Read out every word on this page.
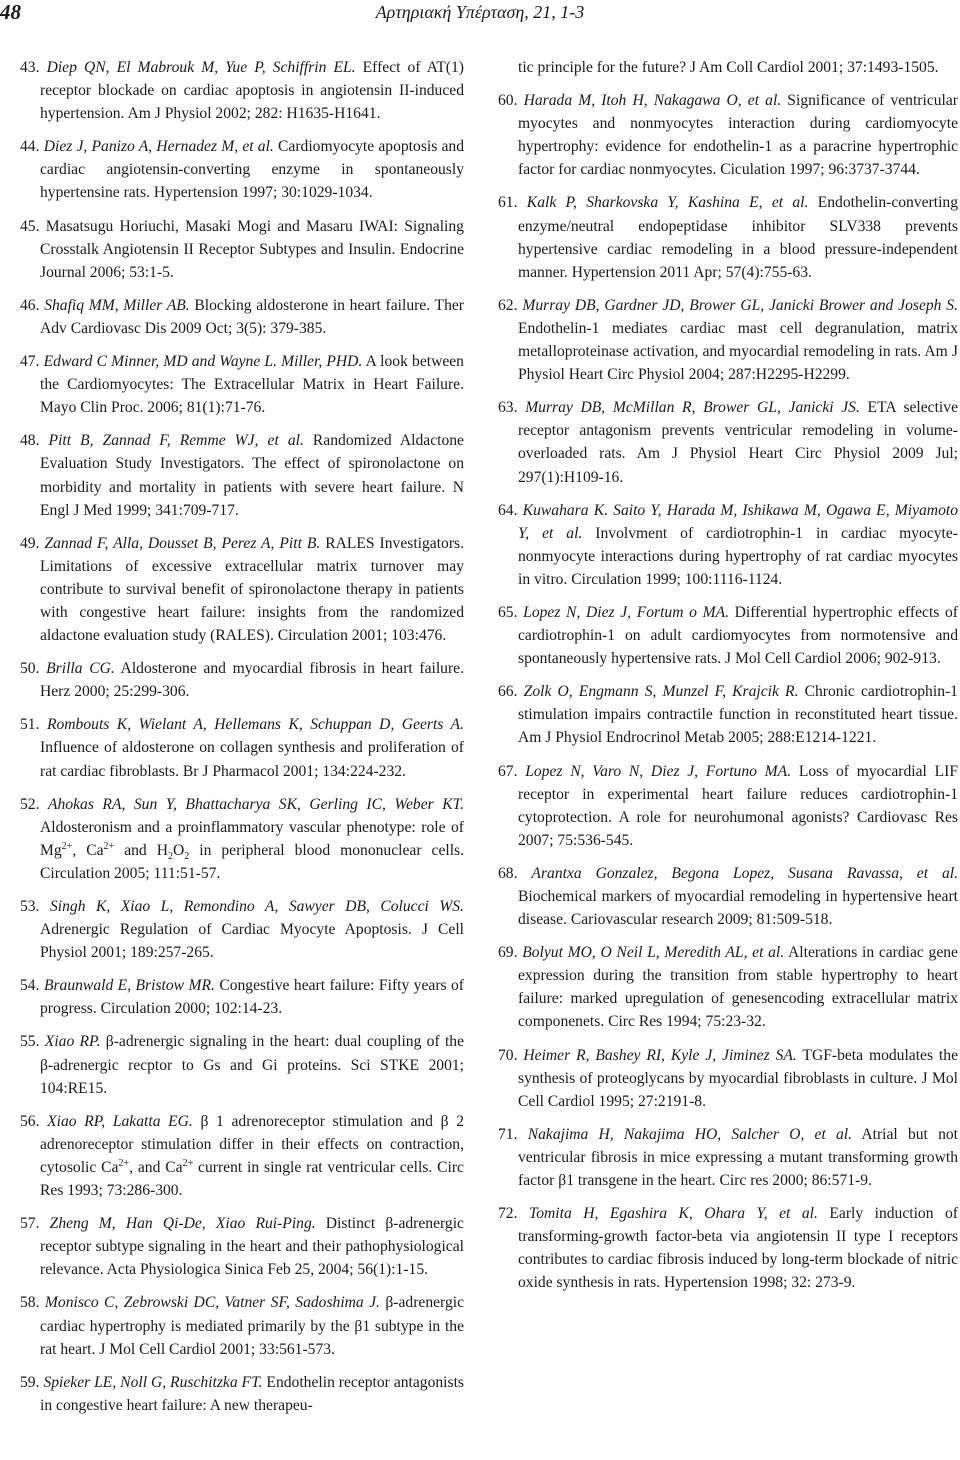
48	Αρτηριακή Υπέρταση, 21, 1-3

43. Diep QN, El Mabrouk M, Yue P, Schiffrin EL. Effect of AT(1) receptor blockade on cardiac apoptosis in angiotensin II-induced hypertension. Am J Physiol 2002; 282: H1635-H1641.

44. Diez J, Panizo A, Hernadez M, et al. Cardiomyocyte apoptosis and cardiac angiotensin-converting enzyme in spontaneously hypertensine rats. Hypertension 1997; 30:1029-1034.

45. Masatsugu Horiuchi, Masaki Mogi and Masaru IWAI: Signaling Crosstalk Angiotensin II Receptor Subtypes and Insulin. Endocrine Journal 2006; 53:1-5.

46. Shafiq MM, Miller AB. Blocking aldosterone in heart failure. Ther Adv Cardiovasc Dis 2009 Oct; 3(5): 379-385.

47. Edward C Minner, MD and Wayne L. Miller, PHD. A look between the Cardiomyocytes: The Extracellular Matrix in Heart Failure. Mayo Clin Proc. 2006; 81(1):71-76.

48. Pitt B, Zannad F, Remme WJ, et al. Randomized Aldactone Evaluation Study Investigators. The effect of spironolactone on morbidity and mortality in patients with severe heart failure. N Engl J Med 1999; 341:709-717.

49. Zannad F, Alla, Dousset B, Perez A, Pitt B. RALES Investigators. Limitations of excessive extracellular matrix turnover may contribute to survival benefit of spironolactone therapy in patients with congestive heart failure: insights from the randomized aldactone evaluation study (RALES). Circulation 2001; 103:476.

50. Brilla CG. Aldosterone and myocardial fibrosis in heart failure. Herz 2000; 25:299-306.

51. Rombouts K, Wielant A, Hellemans K, Schuppan D, Geerts A. Influence of aldosterone on collagen synthesis and proliferation of rat cardiac fibroblasts. Br J Pharmacol 2001; 134:224-232.

52. Ahokas RA, Sun Y, Bhattacharya SK, Gerling IC, Weber KT. Aldosteronism and a proinflammatory vascular phenotype: role of $Mg^{2+}$, $Ca^{2+}$ and $H_2O_2$ in peripheral blood mononuclear cells. Circulation 2005; 111:51-57.

53. Singh K, Xiao L, Remondino A, Sawyer DB, Colucci WS. Adrenergic Regulation of Cardiac Myocyte Apoptosis. J Cell Physiol 2001; 189:257-265.

54. Braunwald E, Bristow MR. Congestive heart failure: Fifty years of progress. Circulation 2000; 102:14-23.

55. Xiao RP. β-adrenergic signaling in the heart: dual coupling of the β-adrenergic recptor to Gs and Gi proteins. Sci STKE 2001; 104:RE15.

56. Xiao RP, Lakatta EG. β 1 adrenoreceptor stimulation and β 2 adrenoreceptor stimulation differ in their effects on contraction, cytosolic $Ca^{2+}$, and $Ca^{2+}$ current in single rat ventricular cells. Circ Res 1993; 73:286-300.

57. Zheng M, Han Qi-De, Xiao Rui-Ping. Distinct β-adrenergic receptor subtype signaling in the heart and their pathophysiological relevance. Acta Physiologica Sinica Feb 25, 2004; 56(1):1-15.

58. Monisco C, Zebrowski DC, Vatner SF, Sadoshima J. β-adrenergic cardiac hypertrophy is mediated primarily by the β1 subtype in the rat heart. J Mol Cell Cardiol 2001; 33:561-573.

59. Spieker LE, Noll G, Ruschitzka FT. Endothelin receptor antagonists in congestive heart failure: A new therapeu-

tic principle for the future? J Am Coll Cardiol 2001; 37:1493-1505.

60. Harada M, Itoh H, Nakagawa O, et al. Significance of ventricular myocytes and nonmyocytes interaction during cardiomyocyte hypertrophy: evidence for endothelin-1 as a paracrine hypertrophic factor for cardiac nonmyocytes. Ciculation 1997; 96:3737-3744.

61. Kalk P, Sharkovska Y, Kashina E, et al. Endothelin-converting enzyme/neutral endopeptidase inhibitor SLV338 prevents hypertensive cardiac remodeling in a blood pressure-independent manner. Hypertension 2011 Apr; 57(4):755-63.

62. Murray DB, Gardner JD, Brower GL, Janicki Brower and Joseph S. Endothelin-1 mediates cardiac mast cell degranulation, matrix metalloproteinase activation, and myocardial remodeling in rats. Am J Physiol Heart Circ Physiol 2004; 287:H2295-H2299.

63. Murray DB, McMillan R, Brower GL, Janicki JS. ETA selective receptor antagonism prevents ventricular remodeling in volume-overloaded rats. Am J Physiol Heart Circ Physiol 2009 Jul; 297(1):H109-16.

64. Kuwahara K. Saito Y, Harada M, Ishikawa M, Ogawa E, Miyamoto Y, et al. Involvment of cardiotrophin-1 in cardiac myocyte-nonmyocyte interactions during hypertrophy of rat cardiac myocytes in vitro. Circulation 1999; 100:1116-1124.

65. Lopez N, Diez J, Fortum o MA. Differential hypertrophic effects of cardiotrophin-1 on adult cardiomyocytes from normotensive and spontaneously hypertensive rats. J Mol Cell Cardiol 2006; 902-913.

66. Zolk O, Engmann S, Munzel F, Krajcik R. Chronic cardiotrophin-1 stimulation impairs contractile function in reconstituted heart tissue. Am J Physiol Endrocrinol Metab 2005; 288:E1214-1221.

67. Lopez N, Varo N, Diez J, Fortuno MA. Loss of myocardial LIF receptor in experimental heart failure reduces cardiotrophin-1 cytoprotection. A role for neurohumonal agonists? Cardiovasc Res 2007; 75:536-545.

68. Arantxa Gonzalez, Begona Lopez, Susana Ravassa, et al. Biochemical markers of myocardial remodeling in hypertensive heart disease. Cariovascular research 2009; 81:509-518.

69. Bolyut MO, O Neil L, Meredith AL, et al. Alterations in cardiac gene expression during the transition from stable hypertrophy to heart failure: marked upregulation of genesencoding extracellular matrix componenets. Circ Res 1994; 75:23-32.

70. Heimer R, Bashey RI, Kyle J, Jiminez SA. TGF-beta modulates the synthesis of proteoglycans by myocardial fibroblasts in culture. J Mol Cell Cardiol 1995; 27:2191-8.

71. Nakajima H, Nakajima HO, Salcher O, et al. Atrial but not ventricular fibrosis in mice expressing a mutant transforming growth factor β1 transgene in the heart. Circ res 2000; 86:571-9.

72. Tomita H, Egashira K, Ohara Y, et al. Early induction of transforming-growth factor-beta via angiotensin II type I receptors contributes to cardiac fibrosis induced by long-term blockade of nitric oxide synthesis in rats. Hypertension 1998; 32: 273-9.
